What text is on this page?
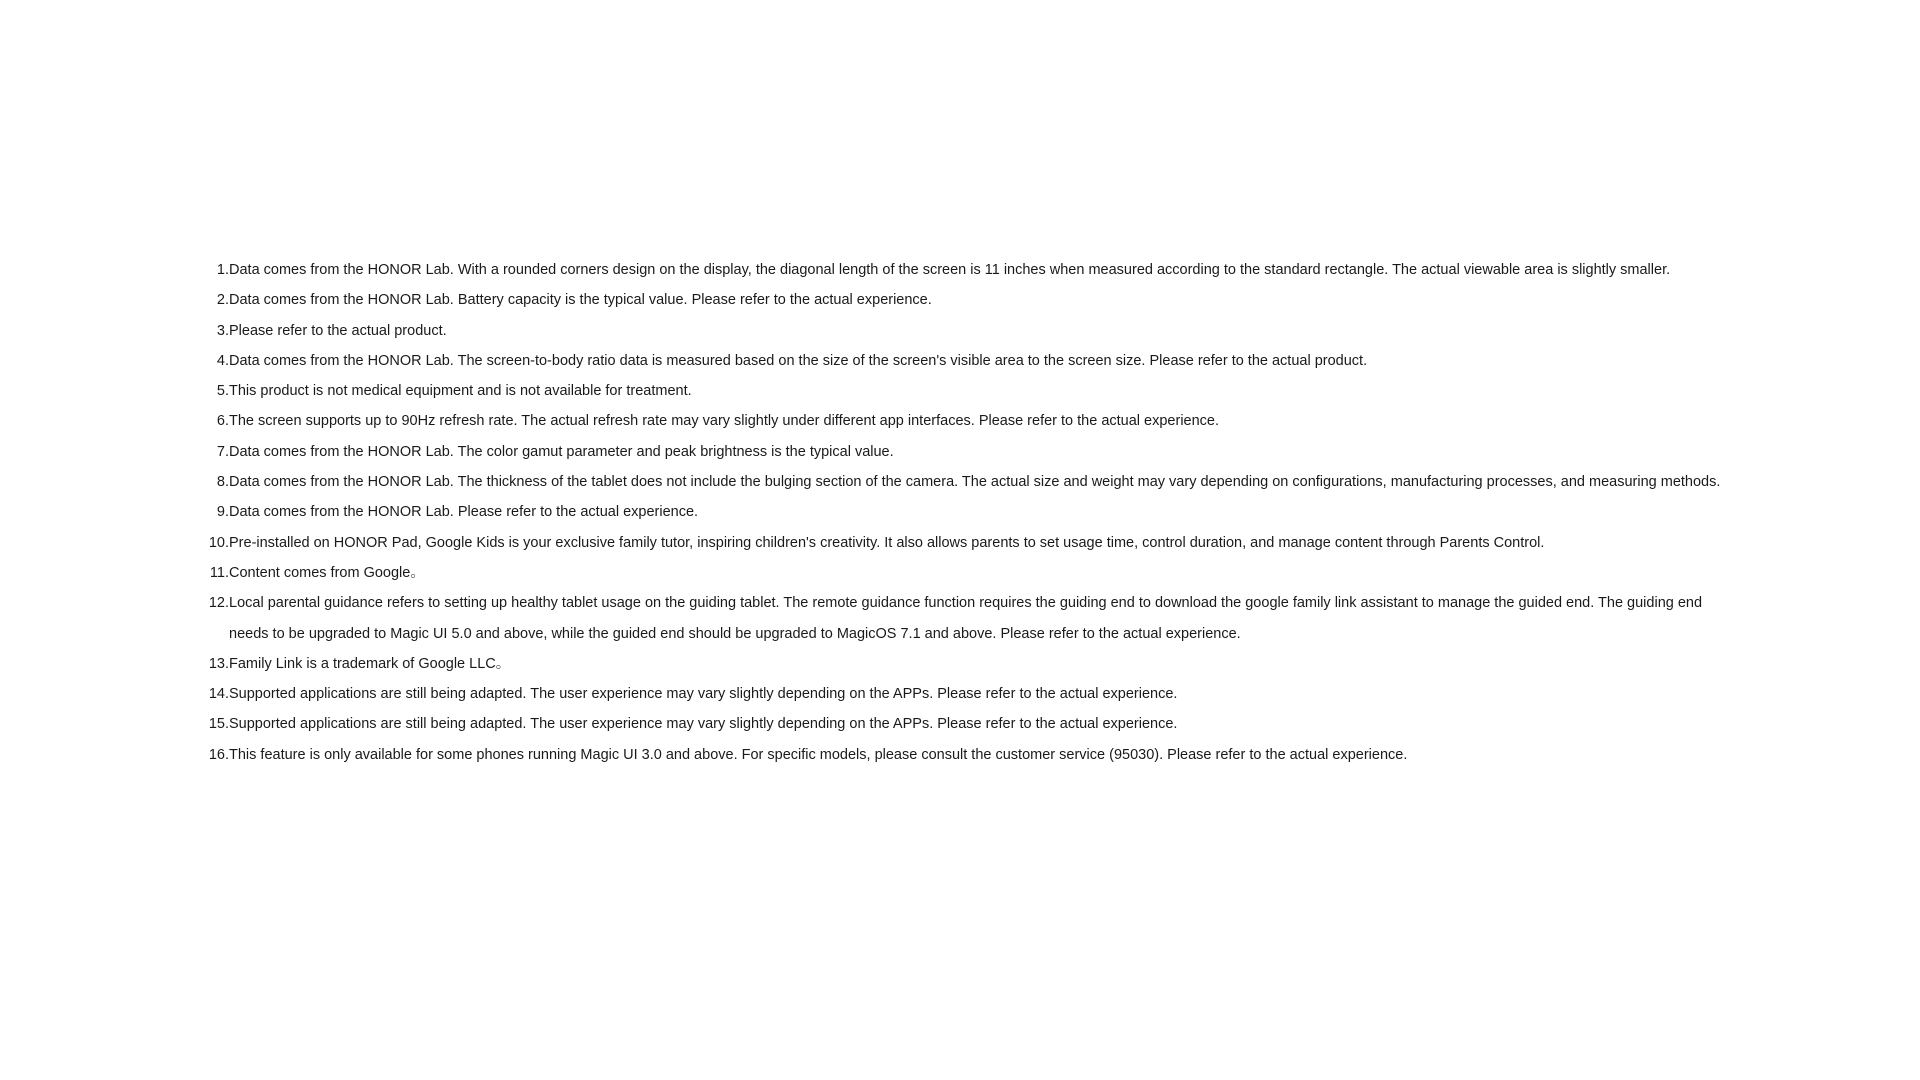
1. Data comes from the HONOR Lab. With a rounded corners design on the display, the diagonal length of the screen is 11 inches when measured according to the standard rectangle. The actual viewable area is slightly smaller.
2. Data comes from the HONOR Lab. Battery capacity is the typical value. Please refer to the actual experience.
3. Please refer to the actual product.
4. Data comes from the HONOR Lab. The screen-to-body ratio data is measured based on the size of the screen's visible area to the screen size. Please refer to the actual product.
5. This product is not medical equipment and is not available for treatment.
6. The screen supports up to 90Hz refresh rate. The actual refresh rate may vary slightly under different app interfaces. Please refer to the actual experience.
7. Data comes from the HONOR Lab. The color gamut parameter and peak brightness is the typical value.
8. Data comes from the HONOR Lab. The thickness of the tablet does not include the bulging section of the camera. The actual size and weight may vary depending on configurations, manufacturing processes, and measuring methods.
9. Data comes from the HONOR Lab. Please refer to the actual experience.
10. Pre-installed on HONOR Pad, Google Kids is your exclusive family tutor, inspiring children's creativity. It also allows parents to set usage time, control duration, and manage content through Parents Control.
11. Content comes from Google。
12. Local parental guidance refers to setting up healthy tablet usage on the guiding tablet. The remote guidance function requires the guiding end to download the google family link assistant to manage the guided end. The guiding end needs to be upgraded to Magic UI 5.0 and above, while the guided end should be upgraded to MagicOS 7.1 and above. Please refer to the actual experience.
13. Family Link is a trademark of Google LLC。
14. Supported applications are still being adapted. The user experience may vary slightly depending on the APPs. Please refer to the actual experience.
15. Supported applications are still being adapted. The user experience may vary slightly depending on the APPs. Please refer to the actual experience.
16. This feature is only available for some phones running Magic UI 3.0 and above. For specific models, please consult the customer service (95030). Please refer to the actual experience.
